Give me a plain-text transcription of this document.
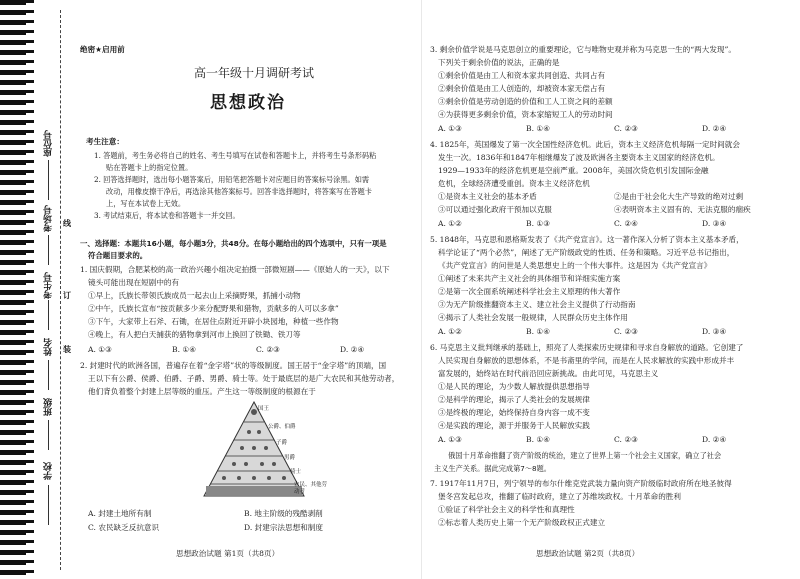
座位号
考场号
考生号
姓名
班级
学校
线
订
装
绝密★启用前
高一年级十月调研考试
思想政治
考生注意：
1. 答题前，考生务必将自己的姓名、考生号填写在试卷和答题卡上，并将考生号条形码粘
贴在答题卡上的指定位置。
2. 回答选择题时，选出每小题答案后，用铅笔把答题卡对应题目的答案标号涂黑。如需
改动，用橡皮擦干净后，再选涂其他答案标号。回答非选择题时，将答案写在答题卡
上，写在本试卷上无效。
3. 考试结束后，将本试卷和答题卡一并交回。
一、选择题：本题共16小题，每小题3分，共48分。在每小题给出的四个选项中，只有一项是
符合题目要求的。
1. 国庆假期，合肥某校的高一政治兴趣小组决定拍摄一部微短剧——《原始人的一天》，以下
镜头可能出现在短剧中的有
①早上，氏族长带领氏族成员一起去山上采摘野果，抓捕小动物
②中午，氏族长宣布“按贡献多少来分配野果和猎物，贡献多的人可以多拿”
③下午，大家带上石斧、石锄，在居住点附近开辟小块园地，种植一些作物
④晚上，有人把白天捕获的猎物拿到河市上换回了铁锄、铁刀等
A. ①③	B. ①④	C. ②③	D. ②④
2. 封建时代的欧洲各国，普遍存在着“金字塔”状的等级制度。国王居于“金字塔”的顶端，国
王以下有公爵、侯爵、伯爵、子爵、男爵、骑士等。处于最底层的是广大农民和其他劳动者，
他们背负着整个封建上层等级的重压。产生这一等级制度的根源在于
国王
公爵、伯爵
子爵
男爵
骑士
农民、其他劳动者
A. 封建土地所有制	B. 地主阶级的残酷剥削
C. 农民缺乏反抗意识	D. 封建宗法思想和制度
思想政治试题 第1页（共8页）
3. 剩余价值学说是马克思创立的重要理论，它与唯物史观并称为马克思一生的“两大发现”。
下列关于剩余价值的说法，正确的是
①剩余价值是由工人和资本家共同创造、共同占有
②剩余价值是由工人创造的，却被资本家无偿占有
③剩余价值是劳动创造的价值和工人工资之间的差额
④为获得更多剩余价值，资本家缩短工人的劳动时间
A. ①③	B. ①④	C. ②③	D. ②④
4. 1825年，英国爆发了第一次全国性经济危机。此后，资本主义经济危机每隔一定时间就会
发生一次。1836年和1847年相继爆发了波及欧洲各主要资本主义国家的经济危机。
1929—1933年的经济危机更是空前严重。2008年，美国次贷危机引发国际金融
危机，全球经济遭受重创。资本主义经济危机
①是资本主义社会的基本矛盾	②是由于社会化大生产导致的绝对过剩
③可以通过强化政府干预加以克服	④表明资本主义固有的、无法克服的痼疾
A. ①②	B. ①③	C. ②④	D. ③④
5. 1848年，马克思和恩格斯发表了《共产党宣言》。这一著作深入分析了资本主义基本矛盾，
科学论证了“两个必然”，阐述了无产阶级政党的性质、任务和策略。习近平总书记指出，
《共产党宣言》的问世是人类思想史上的一个伟大事件。这是因为《共产党宣言》
①阐述了未来共产主义社会的具体细节和详细实施方案
②是第一次全面系统阐述科学社会主义原理的伟大著作
③为无产阶级推翻资本主义、建立社会主义提供了行动指南
④揭示了人类社会发展一般规律，人民群众历史主体作用
A. ①②	B. ①④	C. ②③	D. ③④
6. 马克思主义批判继承的基础上，照亮了人类探索历史规律和寻求自身解放的道路。它创建了
人民实现自身解放的思想体系，不是书斋里的学问，而是在人民求解放的实践中形成并丰
富发展的，始终站在时代前沿回应新挑战。由此可见，马克思主义
①是人民的理论，为少数人解放提供思想指导
②是科学的理论，揭示了人类社会的发展规律
③是终极的理论，始终保持自身内容一成不变
④是实践的理论，源于并服务于人民解放实践
A. ①③	B. ①④	C. ②③	D. ②④
俄国十月革命推翻了资产阶级的统治，建立了世界上第一个社会主义国家，确立了社会
主义生产关系。据此完成第7～8题。
7. 1917年11月7日，列宁领导的布尔什维克党武装力量向资产阶级临时政府所在地圣彼得
堡冬宫发起总攻，推翻了临时政府，建立了苏维埃政权。十月革命的胜利
①验证了科学社会主义的科学性和真理性
②标志着人类历史上第一个无产阶级政权正式建立
思想政治试题 第2页（共8页）
